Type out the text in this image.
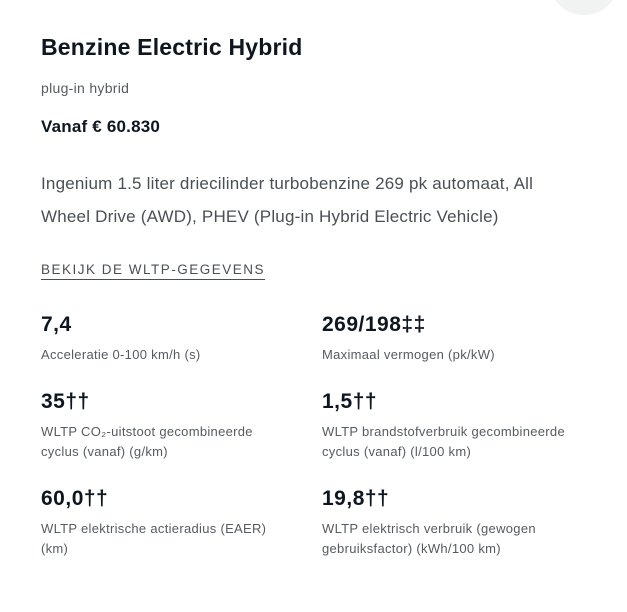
Benzine Electric Hybrid

plug-in hybrid

Vanaf € 60.830

Ingenium 1.5 liter driecilinder turbobenzine 269 pk automaat, All Wheel Drive (AWD), PHEV (Plug-in Hybrid Electric Vehicle)

BEKIJK DE WLTP-GEGEVENS
7,4
Acceleratie 0-100 km/h (s)
269/198‡‡
Maximaal vermogen (pk/kW)
35††
WLTP CO₂-uitstoot gecombineerde cyclus (vanaf) (g/km)
1,5††
WLTP brandstofverbruik gecombineerde cyclus (vanaf) (l/100 km)
60,0††
WLTP elektrische actieradius (EAER) (km)
19,8††
WLTP elektrisch verbruik (gewogen gebruiksfactor) (kWh/100 km)
